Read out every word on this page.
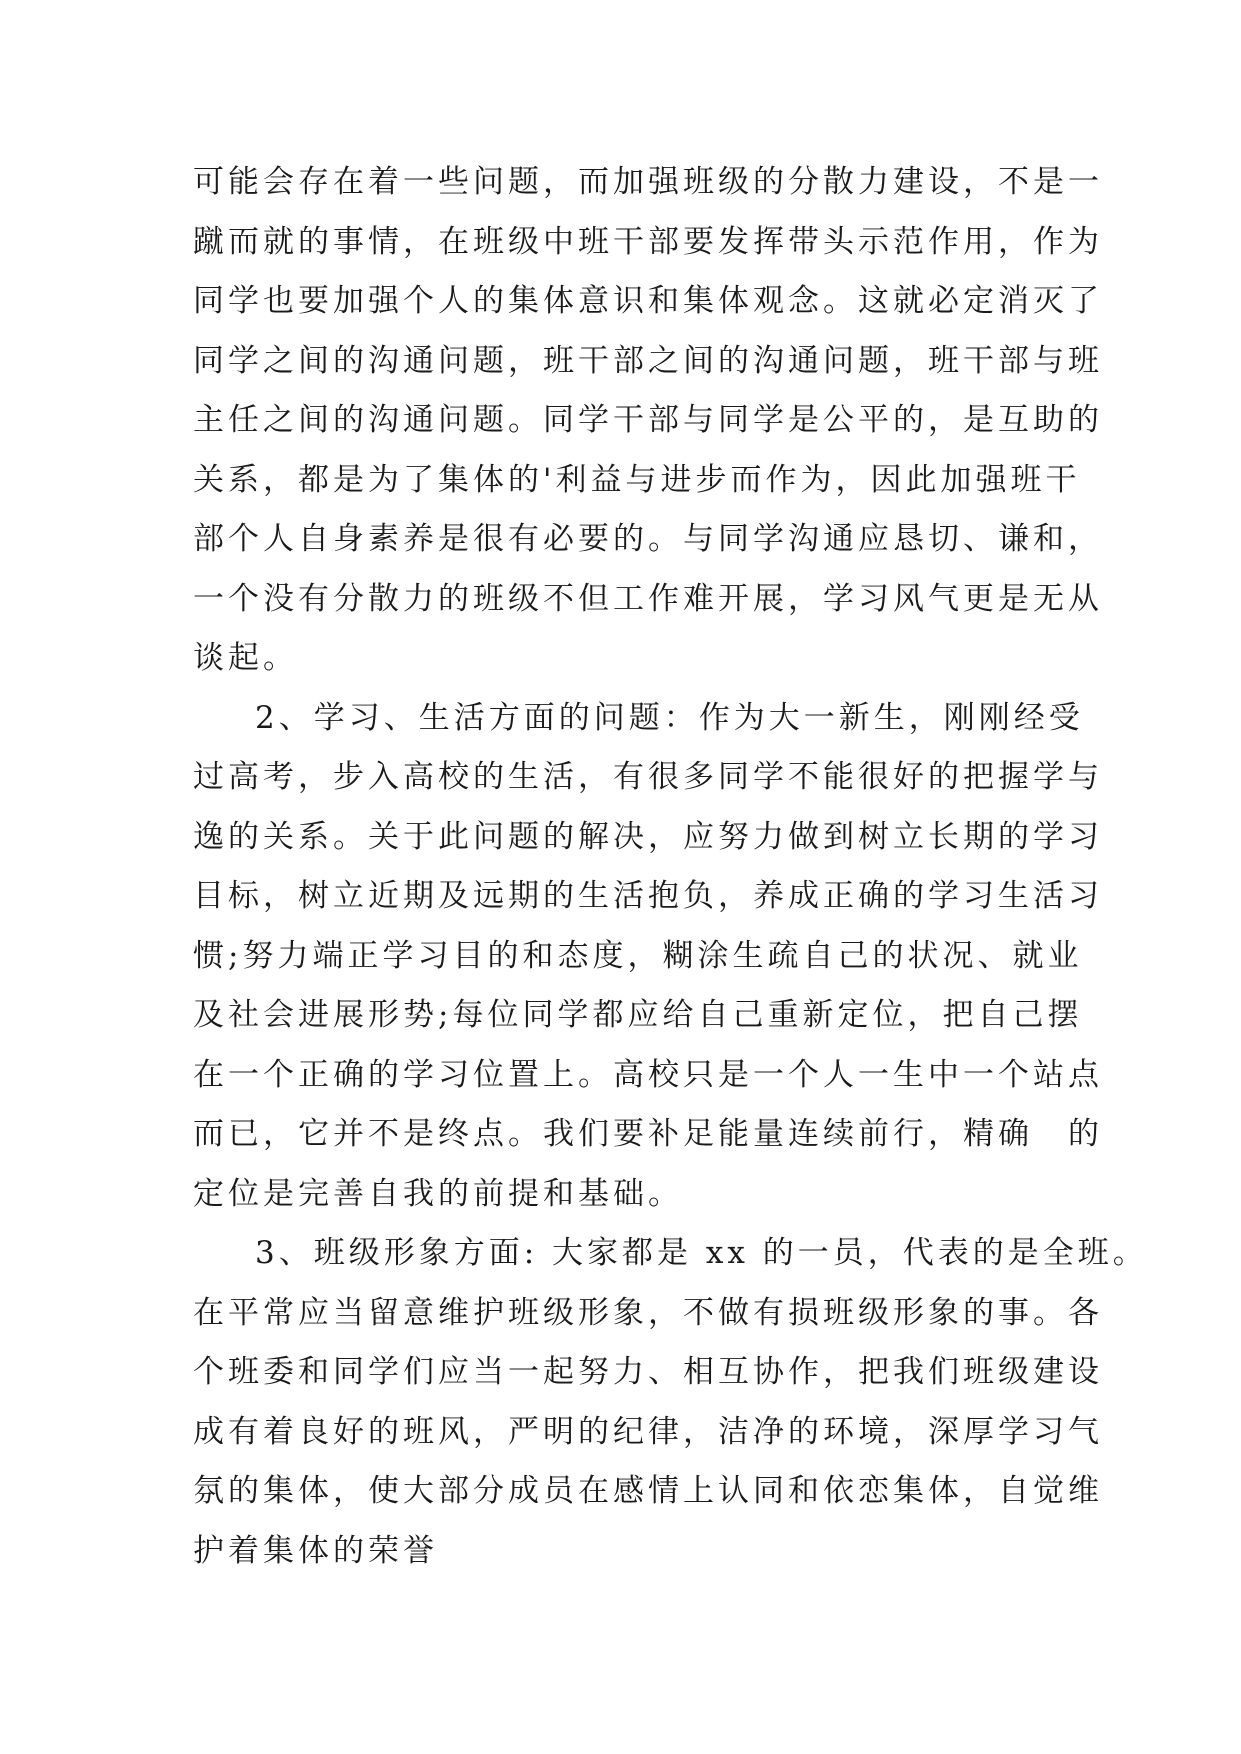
可能会存在着一些问题，而加强班级的分散力建设，不是一
蹴而就的事情，在班级中班干部要发挥带头示范作用，作为
同学也要加强个人的集体意识和集体观念。这就必定消灭了
同学之间的沟通问题，班干部之间的沟通问题，班干部与班
主任之间的沟通问题。同学干部与同学是公平的，是互助的
关系，都是为了集体的'利益与进步而作为，因此加强班干
部个人自身素养是很有必要的。与同学沟通应恳切、谦和，
一个没有分散力的班级不但工作难开展，学习风气更是无从
谈起。
2、学习、生活方面的问题：作为大一新生，刚刚经受
过高考，步入高校的生活，有很多同学不能很好的把握学与
逸的关系。关于此问题的解决，应努力做到树立长期的学习
目标，树立近期及远期的生活抱负，养成正确的学习生活习
惯;努力端正学习目的和态度，糊涂生疏自己的状况、就业
及社会进展形势;每位同学都应给自己重新定位，把自己摆
在一个正确的学习位置上。高校只是一个人一生中一个站点
而已，它并不是终点。我们要补足能量连续前行，精确　的
定位是完善自我的前提和基础。
3、班级形象方面: 大家都是 xx 的一员，代表的是全班。
在平常应当留意维护班级形象，不做有损班级形象的事。各
个班委和同学们应当一起努力、相互协作，把我们班级建设
成有着良好的班风，严明的纪律，洁净的环境，深厚学习气
氛的集体，使大部分成员在感情上认同和依恋集体，自觉维
护着集体的荣誉
